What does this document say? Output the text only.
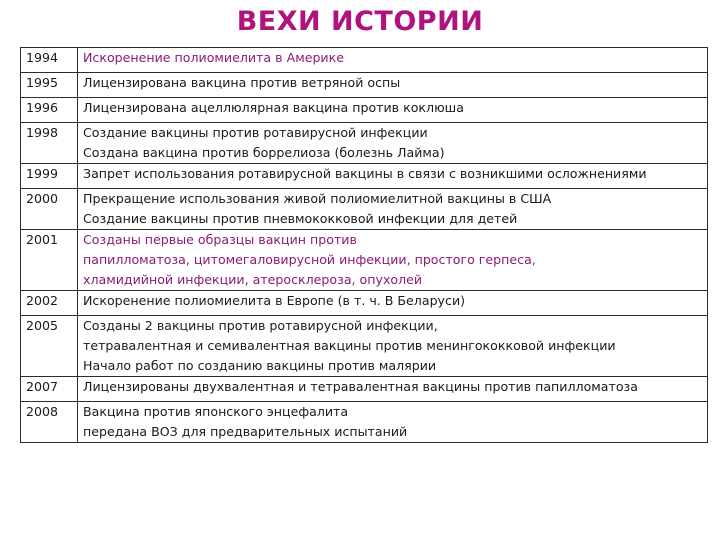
ВЕХИ ИСТОРИИ
1994	Искоренение полиомиелита в Америке

1995	Лицензирована вакцина против ветряной оспы

1996	Лицензирована ацеллюлярная вакцина против коклюша

1998	Создание вакцины против ротавирусной инфекции
Создана вакцина против боррелиоза (болезнь Лайма)

1999	Запрет использования ротавирусной вакцины в связи с возникшими осложнениями

2000	Прекращение использования живой полиомиелитной вакцины в США
Создание вакцины против пневмококковой инфекции для детей

2001	Созданы первые образцы вакцин против
папилломатоза, цитомегаловирусной инфекции, простого герпеса,
хламидийной инфекции, атеросклероза, опухолей

2002	Искоренение полиомиелита в Европе (в т. ч. В Беларуси)

2005	Созданы 2 вакцины против ротавирусной инфекции,
тетравалентная и семивалентная вакцины против менингококковой инфекции
Начало работ по созданию вакцины против малярии

2007	Лицензированы двухвалентная и тетравалентная вакцины против папилломатоза

2008	Вакцина против японского энцефалита
передана ВОЗ для предварительных испытаний
